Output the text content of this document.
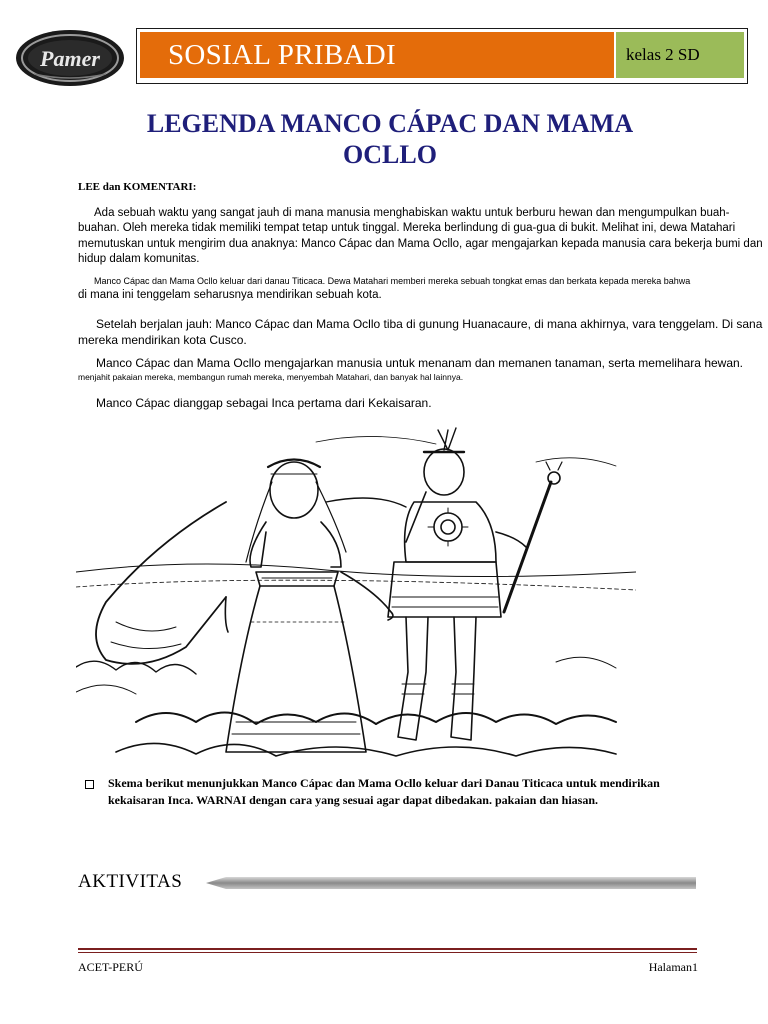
Pamer SOSIAL PRIBADI	kelas 2 SD
LEGENDA MANCO CÁPAC DAN MAMA
OCLLO
LEE dan KOMENTARI:

Ada sebuah waktu yang sangat jauh di mana manusia menghabiskan waktu untuk berburu hewan dan mengumpulkan buah-buahan. Oleh mereka tidak memiliki tempat tetap untuk tinggal. Mereka berlindung di gua-gua di bukit. Melihat ini, dewa Matahari memutuskan untuk mengirim dua anaknya: Manco Cápac dan Mama Ocllo, agar mengajarkan kepada manusia cara bekerja bumi dan hidup dalam komunitas.

Manco Cápac dan Mama Ocllo keluar dari danau Titicaca. Dewa Matahari memberi mereka sebuah tongkat emas dan berkata kepada mereka bahwa
di mana ini tenggelam seharusnya mendirikan sebuah kota.

Setelah berjalan jauh: Manco Cápac dan Mama Ocllo tiba di gunung Huanacaure, di mana akhirnya, vara tenggelam. Di sana mereka mendirikan kota Cusco.

Manco Cápac dan Mama Ocllo mengajarkan manusia untuk menanam dan memanen tanaman, serta memelihara hewan.
menjahit pakaian mereka, membangun rumah mereka, menyembah Matahari, dan banyak hal lainnya.
Manco Cápac dianggap sebagai Inca pertama dari Kekaisaran.

Skema berikut menunjukkan Manco Cápac dan Mama Ocllo keluar dari Danau Titicaca untuk mendirikan kekaisaran Inca. WARNAI dengan cara yang sesuai agar dapat dibedakan. pakaian dan hiasan.

AKTIVITAS
ACET-PERÚ	Halaman1
